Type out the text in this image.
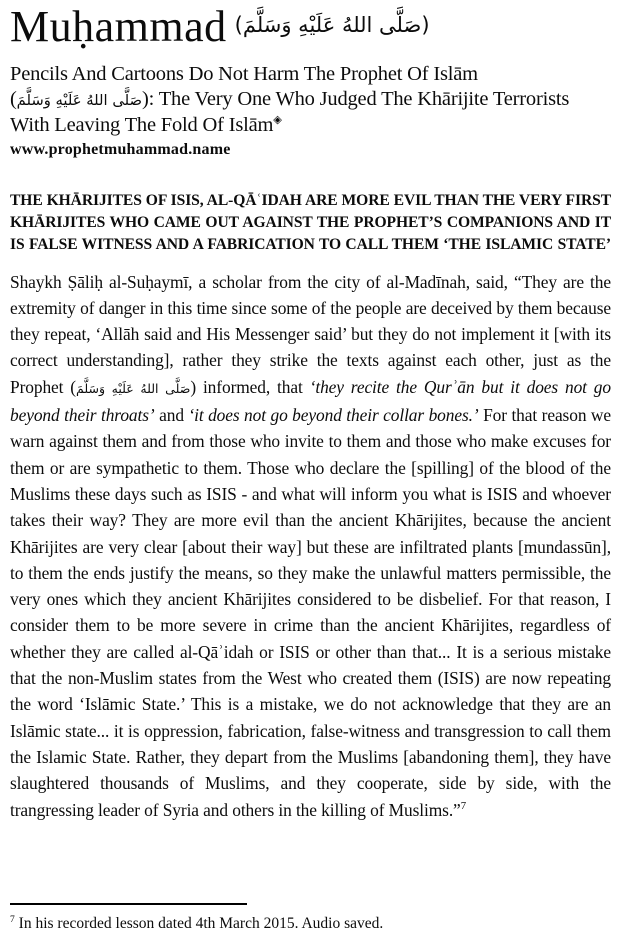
Muḥammad $^{(صَلَّى اللهُ عَلَيْهِ وَسَلَّمَ)}$
Pencils And Cartoons Do Not Harm The Prophet Of Islām
(صَلَّى اللهُ عَلَيْهِ وَسَلَّمَ): The Very One Who Judged The Khārijite Terrorists
With Leaving The Fold Of Islām◈
www.prophetmuhammad.name
THE KHĀRIJITES OF ISIS, AL-QĀʿIDAH ARE MORE EVIL THAN THE VERY FIRST KHĀRIJITES WHO CAME OUT AGAINST THE PROPHET’S COMPANIONS AND IT IS FALSE WITNESS AND A FABRICATION TO CALL THEM ‘THE ISLAMIC STATE’

Shaykh Ṣāliḥ al-Suḥaymī, a scholar from the city of al-Madīnah, said, “They are the extremity of danger in this time since some of the people are deceived by them because they repeat, ‘Allāh said and His Messenger said’ but they do not implement it [with its correct understanding], rather they strike the texts against each other, just as the Prophet (صَلَّى اللهُ عَلَيْهِ وَسَلَّمَ) informed, that ‘they recite the Qurʾān but it does not go beyond their throats’ and ‘it does not go beyond their collar bones.’ For that reason we warn against them and from those who invite to them and those who make excuses for them or are sympathetic to them. Those who declare the [spilling] of the blood of the Muslims these days such as ISIS - and what will inform you what is ISIS and whoever takes their way? They are more evil than the ancient Khārijites, because the ancient Khārijites are very clear [about their way] but these are infiltrated plants [mundassūn], to them the ends justify the means, so they make the unlawful matters permissible, the very ones which they ancient Khārijites considered to be disbelief. For that reason, I consider them to be more severe in crime than the ancient Khārijites, regardless of whether they are called al-Qāʾidah or ISIS or other than that... It is a serious mistake that the non-Muslim states from the West who created them (ISIS) are now repeating the word ‘Islāmic State.’ This is a mistake, we do not acknowledge that they are an Islāmic state... it is oppression, fabrication, false-witness and transgression to call them the Islamic State. Rather, they depart from the Muslims [abandoning them], they have slaughtered thousands of Muslims, and they cooperate, side by side, with the trangressing leader of Syria and others in the killing of Muslims.”$^7$

$^7$ In his recorded lesson dated 4th March 2015. Audio saved.
